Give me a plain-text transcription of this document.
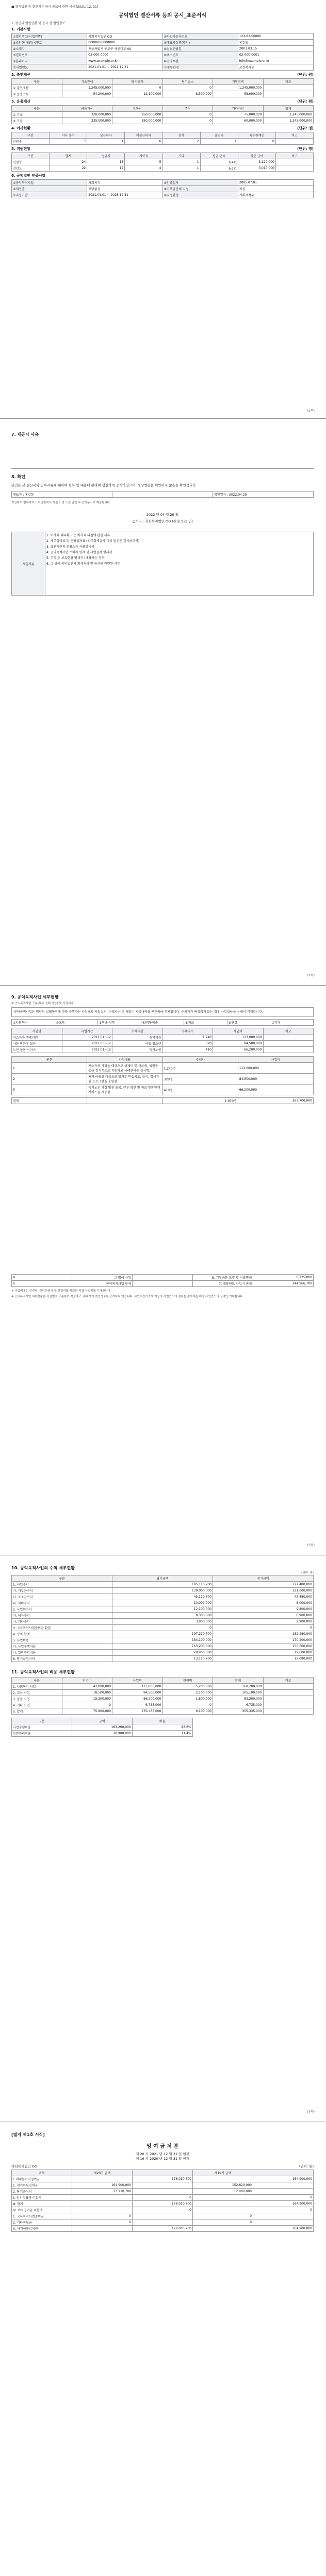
■ 공익법인 등 결산서류 공시 공표에 관한 서식 [2021. 12. 31]
공익법인 결산서류 등의 공시_표준서식
1. 법인의 일반현황 및 공시 전 법인정보
1. 기본사항
①법인명(공익법인명)	사회복지법인 OO	②사업자등록번호	123-82-00000
③법인(단체)등록번호	000000-0000000	④대표자성명(법인)	홍길동
⑤소재지	서울특별시 종로구 세종대로 00	⑥설립연월일	2001.03.15
⑦전화번호	02-000-0000	⑧팩스번호	02-000-0001
⑨홈페이지	www.example.or.kr	⑩전자우편	info@example.or.kr
⑪사업연도	2021.01.01 ~ 2021.12.31	⑫주무관청	보건복지부
2. 출연재산	(단위: 원)
구분	기초잔액	당기증가	당기감소	기말잔액	비고
① 출연재산	1,245,000,000	0	0	1,245,000,000	
② 운용소득	54,200,000	12,100,000	8,300,000	58,000,000	
3. 운용재산	(단위: 원)
구분	금융자산	부동산	주식	기타자산	합계
① 기초	320,000,000	850,000,000	0	75,000,000	1,245,000,000
② 기말	335,000,000	850,000,000	0	60,000,000	1,245,000,000
4. 이사현황	(단위: 명)
구분	이사 총수	상근이사	비상근이사	감사	출연자	특수관계인	비고
인원수	7	1	6	2	1	0	
5. 직원현황	(단위: 명)
구분	합계	정규직	계약직	기타	평균 근속	평균 급여	비고
인원수	24	18	5	1	6.4년	3,120,000	
전년도	22	17	4	1	6.1년	3,010,000	
6. 공익법인 인증사항
①공익목적사업	사회복지	②인증일자	2005.07.01
③재인증	해당없음	④기부금단체 지정	지정
⑤지정기간	2021.01.01 ~ 2026.12.31	⑥지정관청	기획재정부
(1쪽)
7. 재공시 사유
8. 확인
본인은 본 결산서와 첨부서류에 대하여 항목 및 내용에 관하여 성실하게 공시하였으며, 해당법령을 위반하지 않음을 확인합니다.
대표자 : 홍길동		확인일자 : 2022.04.29
기입하여 첨부하여도 확인란에서 자필 서명 또는 날인 후 전자문서로 제출합니다.
2022 년 04 월 29 일
공시자 : 사회복지법인 OO (서명 또는 인)
제출서류	
1. 이사회 회의록 또는 이사회 의결에 관한 서류
2. 재무상태표 및 운영성과표 (외부회계감사 대상 법인은 감사보고서)
3. 출연재산의 운용소득 사용명세서
4. 공익목적사업 수혜자 명세 및 사업실적 명세서
5. 주식 등 보유현황 명세서 (해당하는 경우)
6. 그 밖에 공익법인의 회계처리 및 공시에 관련된 서류
(2쪽)
9. 공익목적사업 세부현황
① 공익목적사업 구분(복수 선택 가능) 및 사업내용
공익목적사업은 법인의 설립목적에 따라 수행하는 사업으로 사업실적, 수혜자수 및 사업비 지출내역을 구분하여 기재합니다. 수혜자가 특정되지 않는 경우 사업내용을 상세히 기재합니다.
①사회복지	②교육	③학술·장학	④문화·예술	⑤의료	⑥환경	⑦기타
사업명	사업기간	수혜대상	수혜자수	사업비	비고
저소득층 생계지원	2021.01~12	취약계층	1,240	113,000,000	
아동 방과후 교육	2021.03~12	아동·청소년	320	84,500,000	
노인 돌봄 서비스	2021.01~12	독거노인	410	66,200,000	
구분	사업내용	수혜자	사업비
1	저소득층 가정을 대상으로 생계비 및 식료품, 생필품 등을 정기적으로 지원하고 사례관리를 실시함.	1,240명	113,000,000
2	지역 아동을 대상으로 방과후 학습지도, 급식, 정서지원 프로그램을 운영함.	320명	84,500,000
3	독거노인 가정 방문 돌봄, 안부 확인 및 의료기관 연계 서비스를 제공함.	410명	66,200,000
합계		1,970명	263,700,000
4	그 밖에 사업		5. 기부금품 모집 및 지출명세	6,735,000
6	공익목적사업 합계		7. 해당연도 사업비 총계	244,966,700
※ 사업비에는 인건비, 관리운영비 등 간접비를 제외한 직접 사업비를 기재합니다.
※ 공익목적사업 세부현황은 사업별로 구분하여 작성하고, 수혜자의 개인정보는 공개하지 않습니다. 사업기간이 2개 이상의 사업연도에 걸치는 경우에는 해당 사업연도의 실적만 기재합니다.
(3쪽)
10. 공익목적사업의 수익 세부현황
(단위: 원)
구분	당기금액	전기금액
1. 사업수익	185,110,700	172,480,000
가. 기부금수익	130,000,000	121,000,000
나. 보조금수익	45,110,700	43,480,000
다. 회비수익	10,000,000	8,000,000
2. 사업외수익	12,100,000	9,800,000
가. 이자수익	8,300,000	6,900,000
나. 기타수익	3,800,000	2,900,000
3. 고유목적사업준비금 환입	0	0
4. 수익 합계	197,210,700	182,280,000
5. 사업비용	184,100,000	170,200,000
가. 사업수행비용	163,200,000	150,600,000
나. 일반관리비용	20,900,000	19,600,000
6. 당기운영이익	13,110,700	12,080,000
11. 공익목적사업의 비용 세부현황
구분	인건비	사업비	관리비	합계	비고
1. 사회복지 사업	42,000,000	113,000,000	5,200,000	160,200,000	
2. 교육 사업	18,500,000	84,500,000	2,100,000	105,100,000	
3. 돌봄 사업	15,300,000	66,200,000	1,800,000	83,300,000	
4. 기타 사업	0	6,735,000	0	6,735,000	
5. 합계	75,800,000	270,435,000	9,100,000	355,335,000	
구분	금액	비율
사업수행비용	163,200,000	88.6%
일반관리비용	20,900,000	11.4%
(4쪽)
[별지 제1호 서식]
잉 여 금 처 분
제 20 기 2021 년 12 월 31 일 현재
제 19 기 2020 년 12 월 31 일 현재
사회복지법인 OO	(단위: 원)
과목	제20기 금액		제19기 금액	
Ⅰ. 미처분이익잉여금		178,010,700		164,900,000
1. 전기이월잉여금	164,900,000		152,820,000	
2. 당기순이익	13,110,700		12,080,000	
Ⅱ. 임의적립금 이입액		0		0
Ⅲ. 합계		178,010,700		164,900,000
Ⅳ. 이익잉여금 처분액		0		0
1. 고유목적사업준비금	0		0	
2. 기타적립금	0		0	
Ⅴ. 차기이월잉여금		178,010,700		164,900,000
